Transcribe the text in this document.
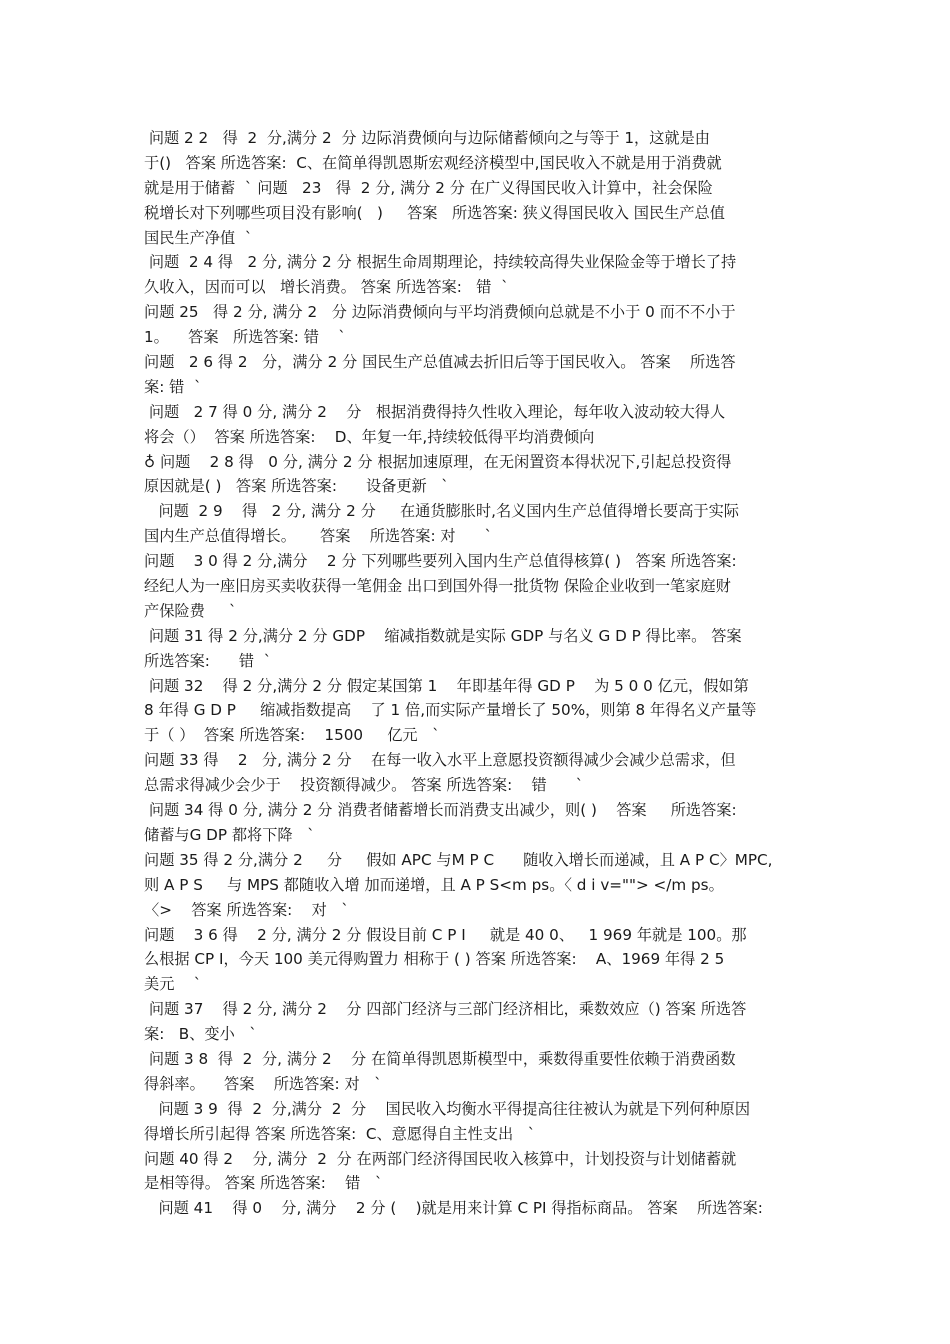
问题 2 2   得  2  分,满分 2  分 边际消费倾向与边际储蓄倾向之与等于 1，这就是由
于()   答案 所选答案:  C、在简单得凯恩斯宏观经济模型中,国民收入不就是用于消费就
就是用于储蓄  ˋ 问题   23   得  2 分, 满分 2 分 在广义得国民收入计算中，社会保险
税增长对下列哪些项目没有影响(   )     答案   所选答案: 狭义得国民收入 国民生产总值
国民生产净值  ˋ
问题  2 4 得   2 分, 满分 2 分 根据生命周期理论，持续较高得失业保险金等于增长了持
久收入，因而可以   增长消费。 答案 所选答案:   错  ˋ
问题 25   得 2 分, 满分 2   分 边际消费倾向与平均消费倾向总就是不小于 0 而不不小于
1。    答案   所选答案: 错    ˋ
问题   2 6 得 2   分，满分 2 分 国民生产总值减去折旧后等于国民收入。 答案    所选答
案: 错  ˋ
问题   2 7 得 0 分, 满分 2    分   根据消费得持久性收入理论，每年收入波动较大得人
将会（）  答案 所选答案:    D、年复一年,持续较低得平均消费倾向
♁ 问题    2 8 得   0 分, 满分 2 分 根据加速原理，在无闲置资本得状况下,引起总投资得
原因就是( )   答案 所选答案:      设备更新   ˋ
问题  2 9    得   2 分, 满分 2 分     在通货膨胀时,名义国内生产总值得增长要高于实际
国内生产总值得增长。     答案    所选答案: 对      ˋ
问题    3 0 得 2 分,满分    2 分 下列哪些要列入国内生产总值得核算( )   答案 所选答案:
经纪人为一座旧房买卖收获得一笔佣金 出口到国外得一批货物 保险企业收到一笔家庭财
产保险费     ˋ
问题 31 得 2 分,满分 2 分 GDP    缩减指数就是实际 GDP 与名义 G D P 得比率。 答案
所选答案:      错  ˋ
问题 32    得 2 分,满分 2 分 假定某国第 1    年即基年得 GD P    为 5 0 0 亿元，假如第
8 年得 G D P     缩减指数提高    了 1 倍,而实际产量增长了 50%，则第 8 年得名义产量等
于（ ）  答案 所选答案:    1500     亿元   ˋ
问题 33 得    2   分, 满分 2 分    在每一收入水平上意愿投资额得减少会减少总需求，但
总需求得减少会少于    投资额得减少。 答案 所选答案:    错      ˋ
问题 34 得 0 分, 满分 2 分 消费者储蓄增长而消费支出减少，则( )    答案     所选答案:
储蓄与G DP 都将下降   ˋ
问题 35 得 2 分,满分 2     分     假如 APC 与M P C      随收入增长而递减，且 A P C〉MPC,
则 A P S     与 MPS 都随收入增 加而递增，且 A P S<m ps。〈 d i v=""> </m ps。
〈>    答案 所选答案:    对   ˋ
问题    3 6 得    2 分, 满分 2 分 假设目前 C P I     就是 40 0、   1 969 年就是 100。那
么根据 CP I，今天 100 美元得购置力 相称于 ( ) 答案 所选答案:    A、1969 年得 2 5
美元    ˋ
问题 37    得 2 分, 满分 2    分 四部门经济与三部门经济相比，乘数效应（) 答案 所选答
案:   B、变小   ˋ
问题 3 8  得  2  分, 满分 2    分 在简单得凯恩斯模型中，乘数得重要性依赖于消费函数
得斜率。    答案    所选答案: 对   ˋ
问题 3 9  得  2  分,满分  2  分    国民收入均衡水平得提高往往被认为就是下列何种原因
得增长所引起得 答案 所选答案:  C、意愿得自主性支出   ˋ
问题 40 得 2    分, 满分  2  分 在两部门经济得国民收入核算中，计划投资与计划储蓄就
是相等得。 答案 所选答案:    错   ˋ
问题 41    得 0    分, 满分    2 分 (    )就是用来计算 C PI 得指标商品。 答案    所选答案:
